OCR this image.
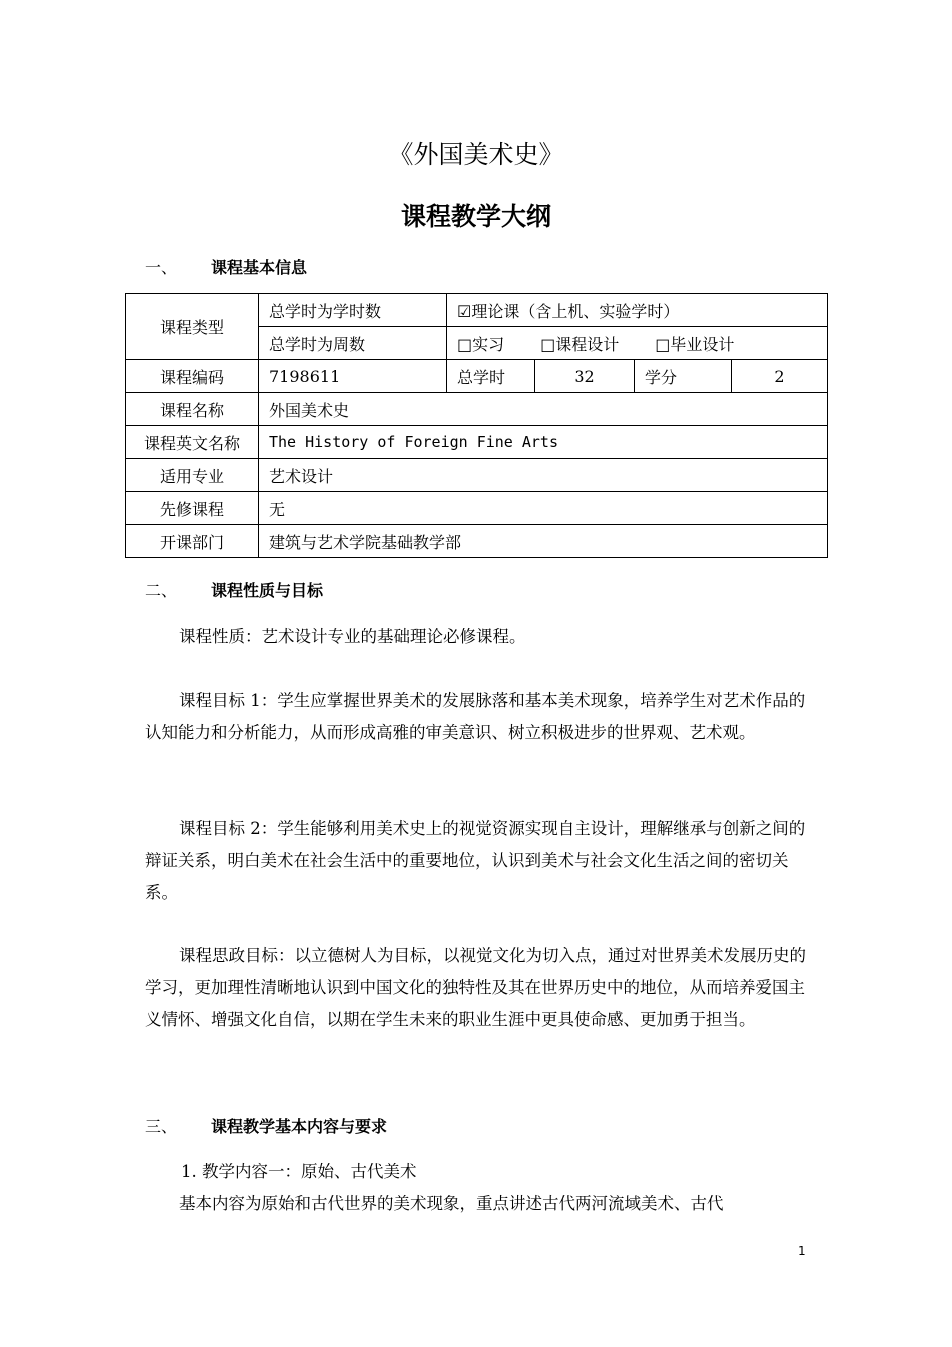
《外国美术史》
课程教学大纲
一、 课程基本信息
课程类型	总学时为学时数	☑理论课（含上机、实验学时）			
	总学时为周数	□实习 □课程设计 □毕业设计			
课程编码	7198611	总学时	32	学分	2
课程名称	外国美术史				
课程英文名称	The History of Foreign Fine Arts				
适用专业	艺术设计				
先修课程	无				
开课部门	建筑与艺术学院基础教学部				
二、 课程性质与目标
课程性质：艺术设计专业的基础理论必修课程。
课程目标 1：学生应掌握世界美术的发展脉落和基本美术现象，培养学生对艺术作品的认知能力和分析能力，从而形成高雅的审美意识、树立积极进步的世界观、艺术观。
课程目标 2：学生能够利用美术史上的视觉资源实现自主设计，理解继承与创新之间的辩证关系，明白美术在社会生活中的重要地位，认识到美术与社会文化生活之间的密切关系。
课程思政目标：以立德树人为目标，以视觉文化为切入点，通过对世界美术发展历史的学习，更加理性清晰地认识到中国文化的独特性及其在世界历史中的地位，从而培养爱国主义情怀、增强文化自信，以期在学生未来的职业生涯中更具使命感、更加勇于担当。
三、 课程教学基本内容与要求
1. 教学内容一：原始、古代美术
基本内容为原始和古代世界的美术现象，重点讲述古代两河流域美术、古代
1
